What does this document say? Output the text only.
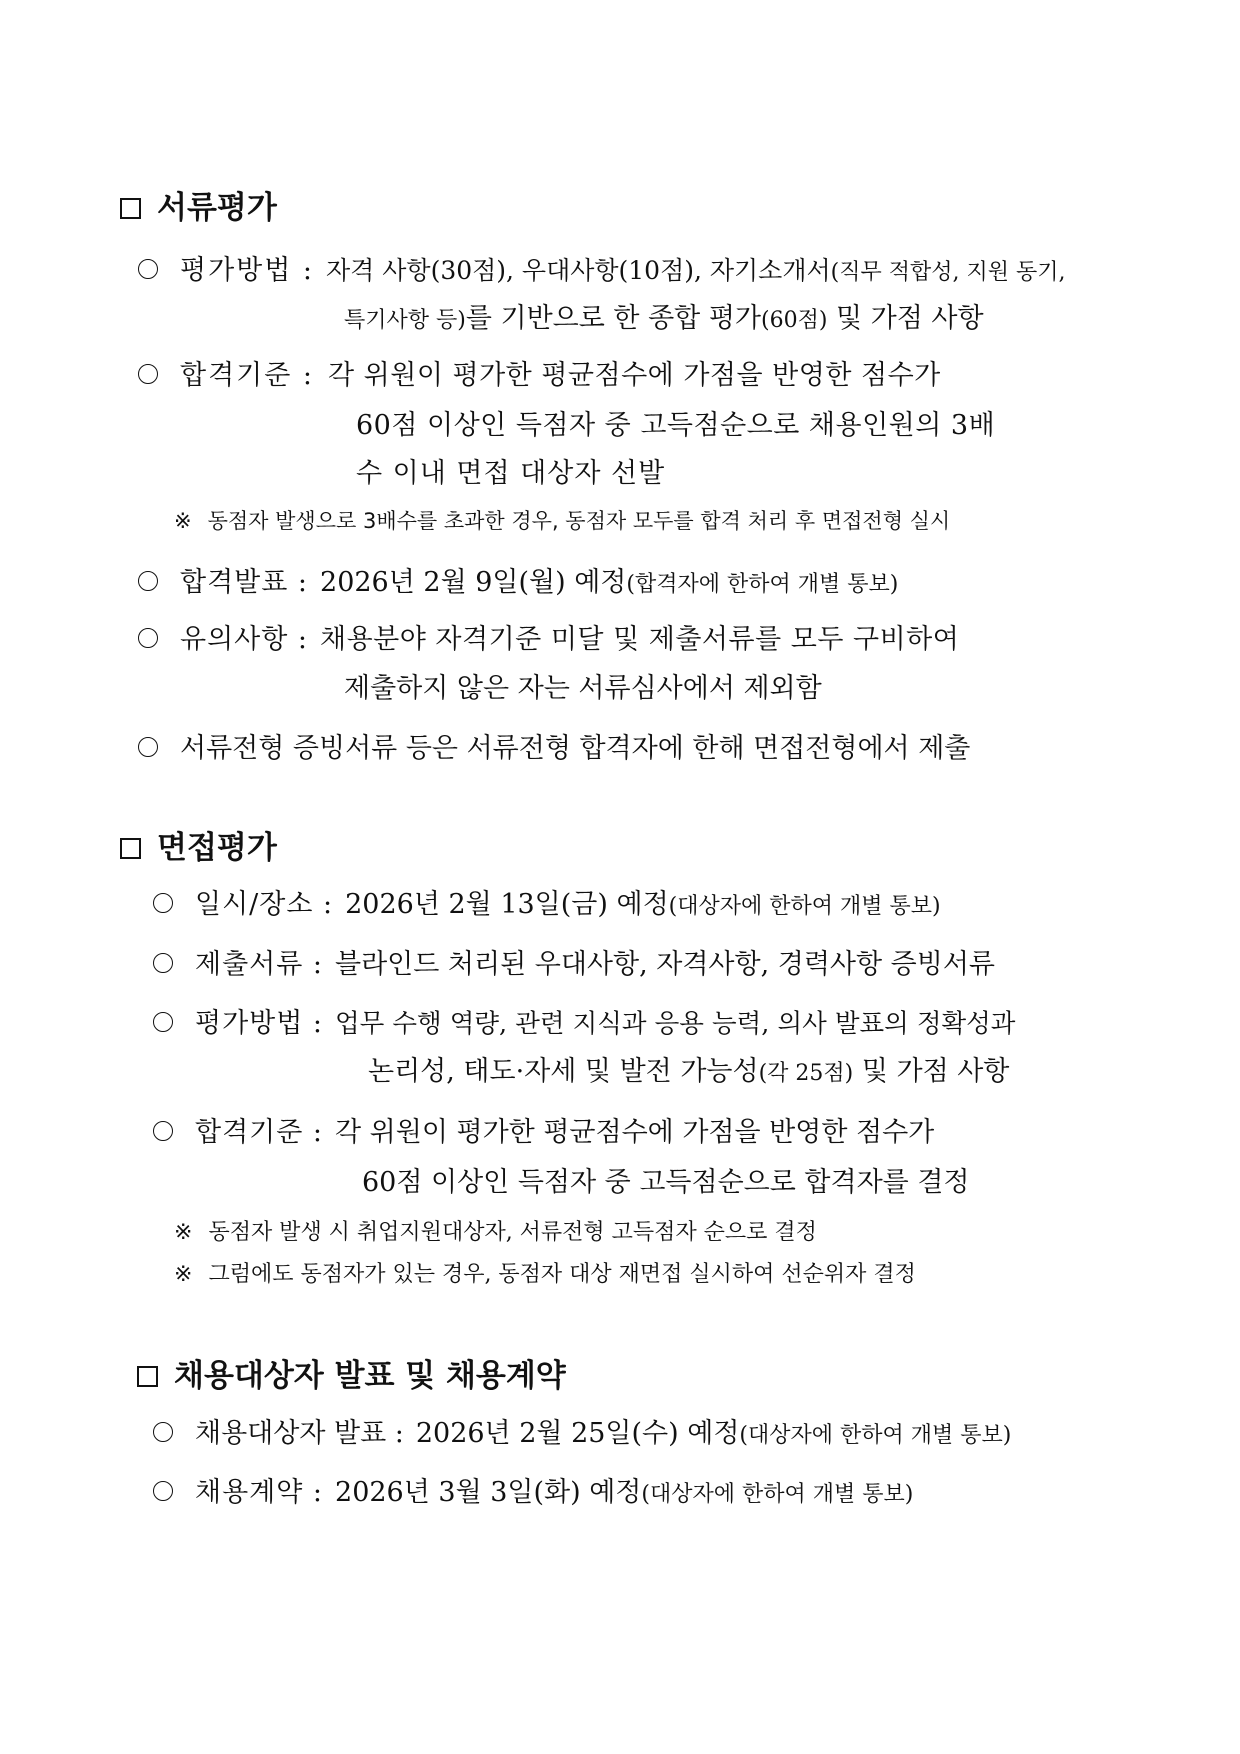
서류평가
평가방법 : 자격 사항(30점), 우대사항(10점), 자기소개서(직무 적합성, 지원 동기,
특기사항 등)를 기반으로 한 종합 평가(60점) 및 가점 사항
합격기준 : 각 위원이 평가한 평균점수에 가점을 반영한 점수가
60점 이상인 득점자 중 고득점순으로 채용인원의 3배
수 이내 면접 대상자 선발
※ 동점자 발생으로 3배수를 초과한 경우, 동점자 모두를 합격 처리 후 면접전형 실시
합격발표 : 2026년 2월 9일(월) 예정(합격자에 한하여 개별 통보)
유의사항 : 채용분야 자격기준 미달 및 제출서류를 모두 구비하여
제출하지 않은 자는 서류심사에서 제외함
서류전형 증빙서류 등은 서류전형 합격자에 한해 면접전형에서 제출
면접평가
일시/장소 : 2026년 2월 13일(금) 예정(대상자에 한하여 개별 통보)
제출서류 : 블라인드 처리된 우대사항, 자격사항, 경력사항 증빙서류
평가방법 : 업무 수행 역량, 관련 지식과 응용 능력, 의사 발표의 정확성과
논리성, 태도·자세 및 발전 가능성(각 25점) 및 가점 사항
합격기준 : 각 위원이 평가한 평균점수에 가점을 반영한 점수가
60점 이상인 득점자 중 고득점순으로 합격자를 결정
※ 동점자 발생 시 취업지원대상자, 서류전형 고득점자 순으로 결정
※ 그럼에도 동점자가 있는 경우, 동점자 대상 재면접 실시하여 선순위자 결정
채용대상자 발표 및 채용계약
채용대상자 발표 : 2026년 2월 25일(수) 예정(대상자에 한하여 개별 통보)
채용계약 : 2026년 3월 3일(화) 예정(대상자에 한하여 개별 통보)
